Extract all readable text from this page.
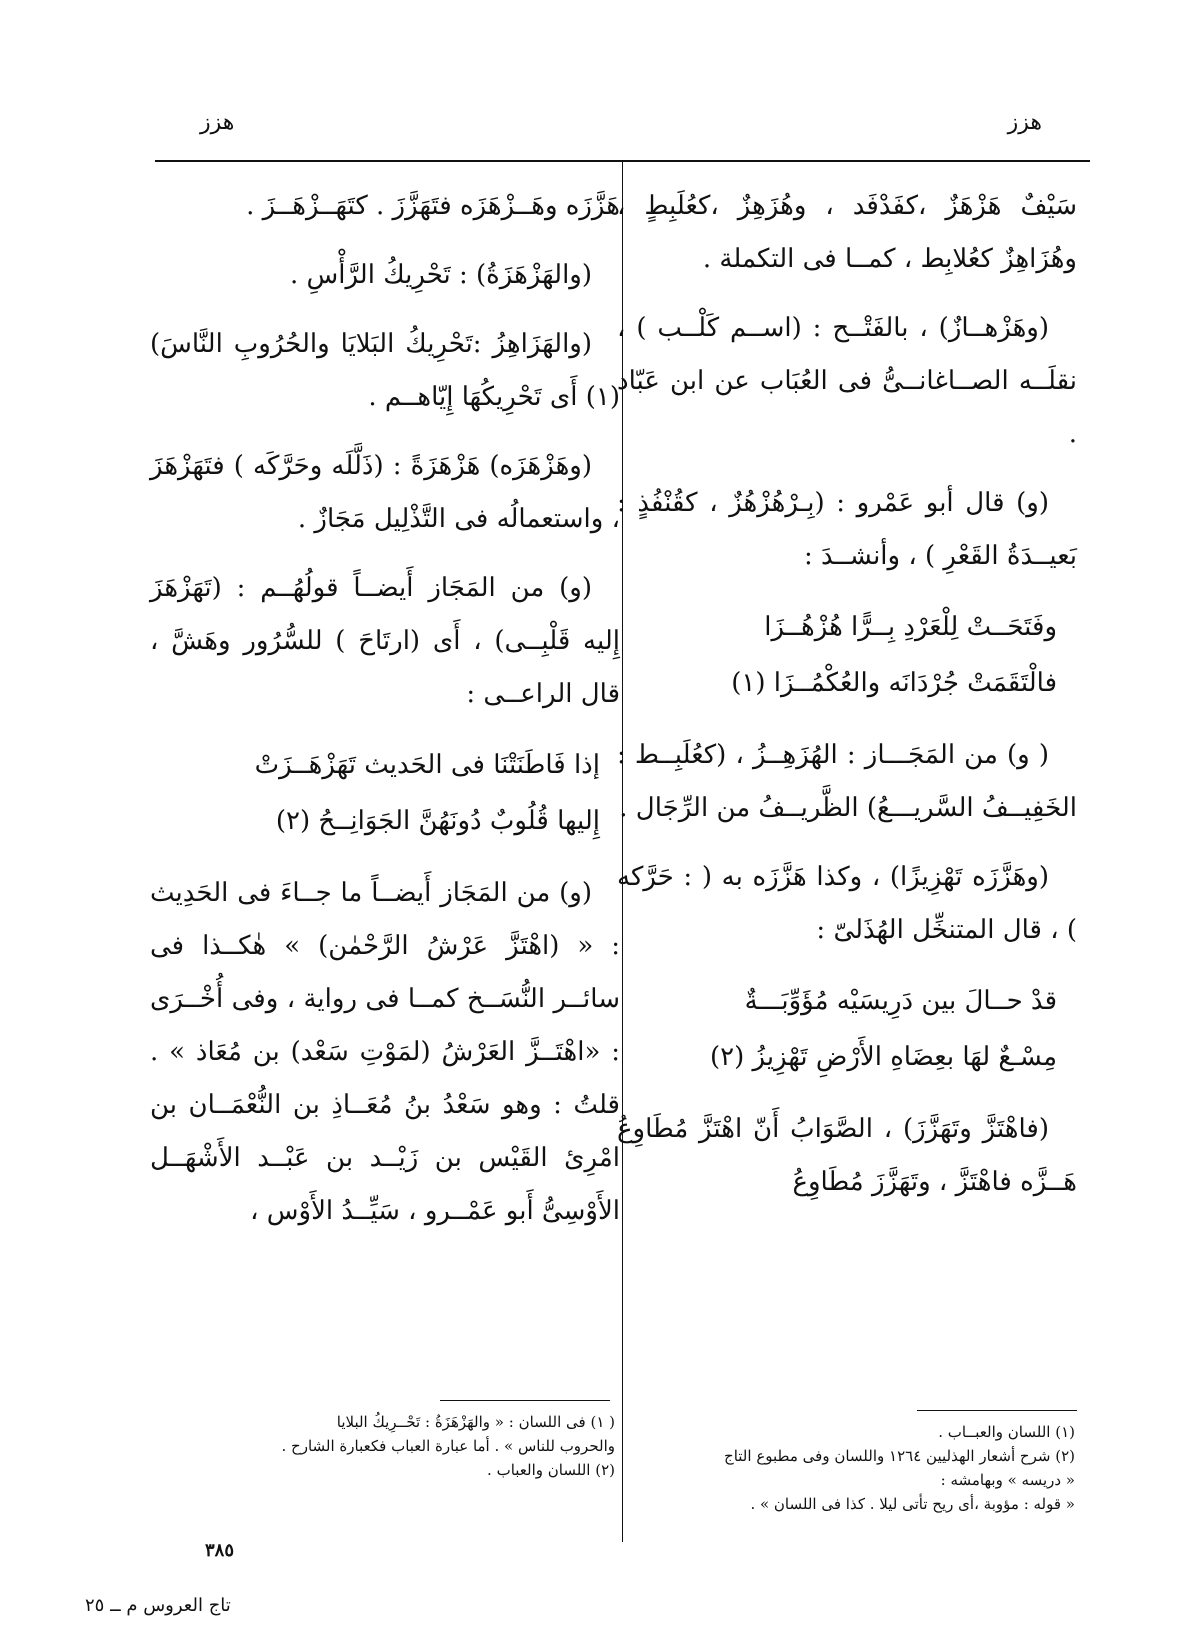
هزز
هزز

سَيْفٌ هَزْهَزٌ ،كفَدْفَد ، وهُزَهِزٌ ،كعُلَبِطٍ ، وهُزَاهِزٌ كعُلابِط ، كمــا فى التكملة .

(وهَزْهــازٌ) ، بالفَتْــح : (اســم كَلْــب ) ، نقلَــه الصــاغانــىُّ فى العُبَاب عن ابن عَبّاد .

(و) قال أبو عَمْرو : (بِـرْهُزْهُزٌ ، كقُنْفُذٍ : بَعيــدَةُ القَعْرِ ) ، وأنشــدَ :

وفَتَحَــتْ لِلْعَرْدِ بِــرًّا هُزْهُــزَا
فالْتَقَمَتْ جُرْدَانَه والعُكْمُــزَا (١)

( و) من المَجَـــاز : الهُزَهِــزُ ، (كعُلَبِــط : الخَفِيــفُ السَّريـــعُ) الظَّريــفُ من الرِّجَال .

(وهَزَّزَه تَهْزِيزًا) ، وكذا هَزَّزَه به ( : حَرَّكه ) ، قال المتنخِّل الهُذَلىّ :

قدْ حــالَ بين دَرِيسَيْه مُؤَوِّبَـــةٌ
مِسْـعٌ لهَا بعِضَاهِ الأَرْضِ تَهْزِيزُ (٢)

(فاهْتَزَّ وتَهَزَّزَ) ، الصَّوَابُ أَنّ اهْتَزَّ مُطَاوِعُ هَــزَّه فاهْتَزَّ ، وتَهَزَّزَ مُطَاوِعُ

هَزَّزَه وهَــزْهَزَه فتَهَزَّزَ . كتَهَــزْهَــزَ .

(والهَزْهَزَةُ) : تَحْرِيكُ الرَّأْسِ .

(والهَزَاهِزُ :تَحْرِيكُ البَلايَا والحُرُوبِ النَّاسَ) (١) أَى تَحْرِيكُهَا إِيّاهــم .

(وهَزْهَزَه) هَزْهَزَةً : (ذَلَّلَه وحَرَّكَه ) فتَهَزْهَزَ ، واستعمالُه فى التَّذْلِيل مَجَازٌ .

(و) من المَجَاز أَيضــاً قولُهُــم : (تَهَزْهَزَ إِليه قَلْبِــى) ، أَى (ارتَاحَ ) للسُّرُور وهَشَّ ، قال الراعــى :

إذا فَاطَنَتْنَا فى الحَديث تَهَزْهَــزَتْ
إِليها قُلُوبٌ دُونَهُنَّ الجَوَانِــحُ (٢)

(و) من المَجَاز أَيضــاً ما جــاءَ فى الحَدِيث : « (اهْتَزَّ عَرْشُ الرَّحْمٰن) » هٰكــذا فى سائــر النُّسَــخ كمــا فى رواية ، وفى أُخْــرَى : «اهْتَــزَّ العَرْشُ (لمَوْتِ سَعْد) بن مُعَاذ » . قلتُ : وهو سَعْدُ بنُ مُعَــاذِ بن النُّعْمَــان بن امْرِئ القَيْس بن زَيْــد بن عَبْــد الأَشْهَــل الأَوْسِىُّ أَبو عَمْــرو ، سَيِّــدُ الأَوْس ،

(١) اللسان والعبــاب .
(٢) شرح أشعار الهذليين ١٢٦٤ واللسان وفى مطبوع التاج
« دريسه » وبهامشه :
« قوله : مؤوبة ،أى ريح تأتى ليلا . كذا فى اللسان » .
( ١) فى اللسان : « والهَزْهَزَةُ : تَحْــرِيكُ البلايا
والحروب للناس » . أما عبارة العباب فكعبارة الشارح .
(٢) اللسان والعباب .
٣٨٥
تاج العروس م ــ ٢٥
